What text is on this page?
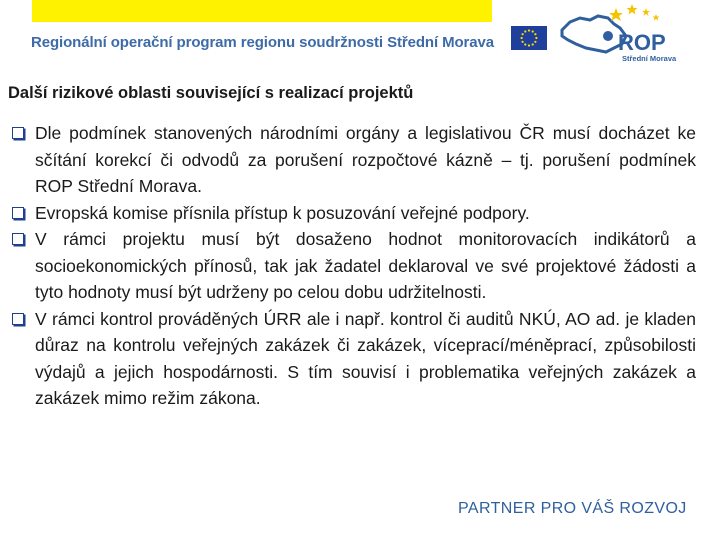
Regionální operační program regionu soudržnosti Střední Morava	ROP
Střední Morava
Další rizikové oblasti související s realizací projektů
Dle podmínek stanovených národními orgány a legislativou ČR musí docházet ke sčítání korekcí či odvodů za porušení rozpočtové kázně – tj. porušení podmínek ROP Střední Morava.
Evropská komise přísnila přístup k posuzování veřejné podpory.
V rámci projektu musí být dosaženo hodnot monitorovacích indikátorů a socioekonomických přínosů, tak jak žadatel deklaroval ve své projektové žádosti a tyto hodnoty musí být udrženy po celou dobu udržitelnosti.
V rámci kontrol prováděných ÚRR ale i např. kontrol či auditů NKÚ, AO ad. je kladen důraz na kontrolu veřejných zakázek či zakázek, víceprací/méněprací, způsobilosti výdajů a jejich hospodárnosti. S tím souvisí i problematika veřejných zakázek a zakázek mimo režim zákona.
PARTNER PRO VÁŠ ROZVOJ
